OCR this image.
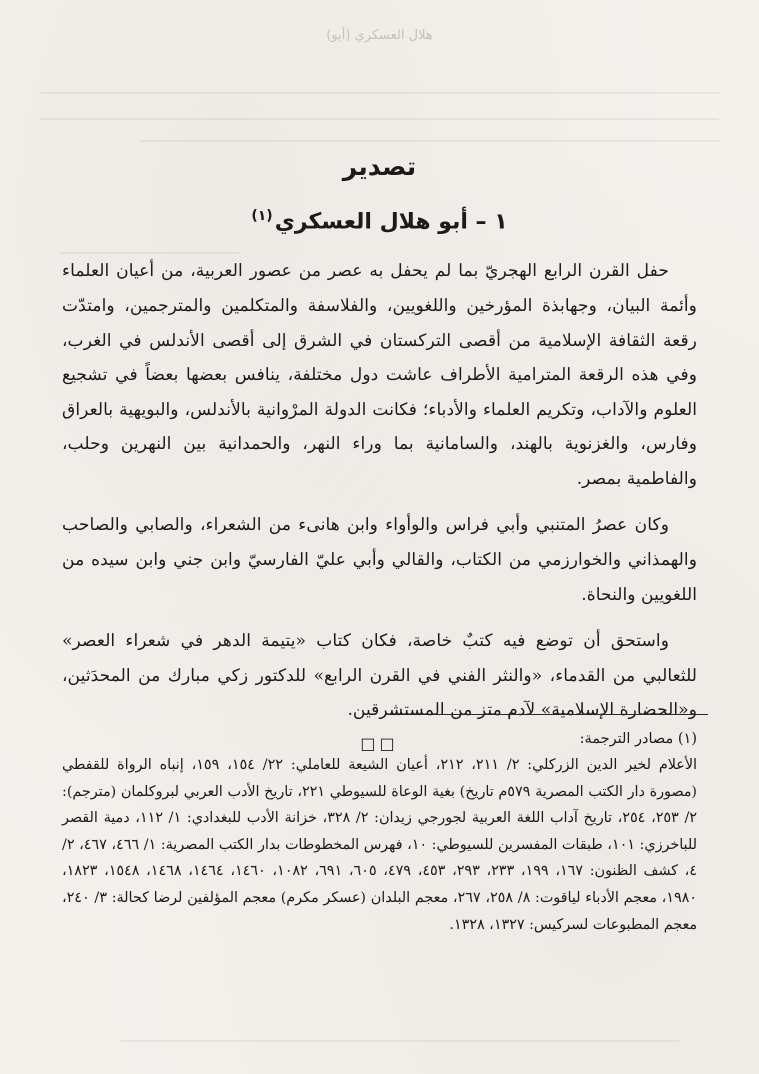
(أبو) هلال العسكري
تصدير
١ – أبو هلال العسكري$^{(١)}$

حفل القرن الرابع الهجريّ بما لم يحفل به عصر من عصور العربية، من أعيان العلماء وأئمة البيان، وجهابذة المؤرخين واللغويين، والفلاسفة والمتكلمين والمترجمين، وامتدّت رقعة الثقافة الإسلامية من أقصى التركستان في الشرق إلى أقصى الأندلس في الغرب، وفي هذه الرقعة المترامية الأطراف عاشت دول مختلفة، ينافس بعضها بعضاً في تشجيع العلوم والآداب، وتكريم العلماء والأدباء؛ فكانت الدولة المرْوانية بالأندلس، والبويهية بالعراق وفارس، والغزنوية بالهند، والسامانية بما وراء النهر، والحمدانية بين النهرين وحلب، والفاطمية بمصر.

وكان عصرُ المتنبي وأبي فراس والوأواء وابن هانىء من الشعراء، والصابي والصاحب والهمذاني والخوارزمي من الكتاب، والقالي وأبي عليّ الفارسيّ وابن جني وابن سيده من اللغويين والنحاة.

واستحق أن توضع فيه كتبٌ خاصة، فكان كتاب «يتيمة الدهر في شعراء العصر» للثعالبي من القدماء، «والنثر الفني في القرن الرابع» للدكتور زكي مبارك من المحدَثين، و«الحضارة الإسلامية» لآدم متز من المستشرقين.

□□	(١) مصادر الترجمة:

الأعلام لخير الدين الزركلي: ٢/ ٢١١، ٢١٢، أعيان الشيعة للعاملي: ٢٢/ ١٥٤، ١٥٩، إنباه الرواة للقفطي (مصورة دار الكتب المصرية ٥٧٩م تاريخ) بغية الوعاة للسيوطي ٢٢١، تاريخ الأدب العربي لبروكلمان (مترجم): ٢/ ٢٥٣، ٢٥٤، تاريخ آداب اللغة العربية لجورجي زيدان: ٢/ ٣٢٨، خزانة الأدب للبغدادي: ١/ ١١٢، دمية القصر للباخرزي: ١٠١، طبقات المفسرين للسيوطي: ١٠، فهرس المخطوطات بدار الكتب المصرية: ١/ ٤٦٦، ٤٦٧، ٢/ ٤، كشف الظنون: ١٦٧، ١٩٩، ٢٣٣، ٢٩٣، ٤٥٣، ٤٧٩، ٦٠٥، ٦٩١، ١٠٨٢، ١٤٦٠، ١٤٦٤، ١٤٦٨، ١٥٤٨، ١٨٢٣، ١٩٨٠، معجم الأدباء لياقوت: ٨/ ٢٥٨، ٢٦٧، معجم البلدان (عسكر مكرم) معجم المؤلفين لرضا كحالة: ٣/ ٢٤٠، معجم المطبوعات لسركيس: ١٣٢٧، ١٣٢٨.
